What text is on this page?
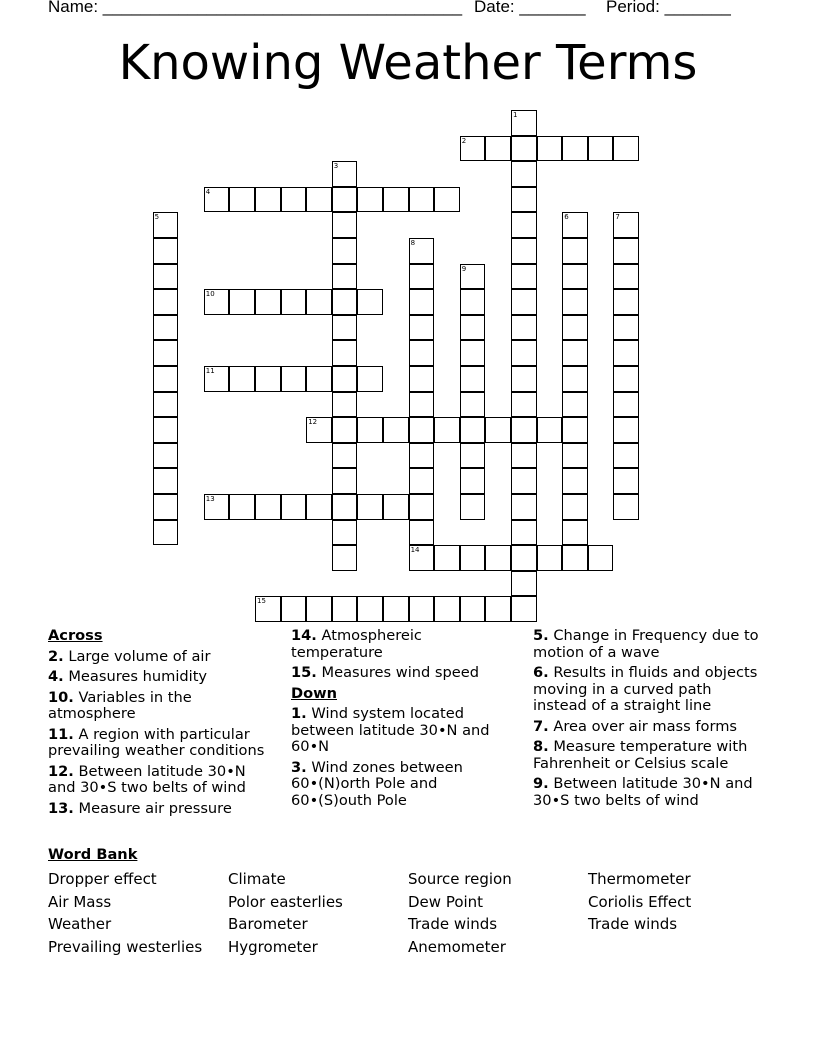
Name: ______________________________________ Date: _______ Period: _______
Knowing Weather Terms
1
2
3
4
5	6	7
8
9
10
11
12
13
14
15
Across
2. Large volume of air
4. Measures humidity
10. Variables in the atmosphere
11. A region with particular prevailing weather conditions
12. Between latitude 30•N and 30•S two belts of wind
13. Measure air pressure
14. Atmosphereic temperature
15. Measures wind speed
Down
1. Wind system located between latitude 30•N and 60•N
3. Wind zones between 60•(N)orth Pole and 60•(S)outh Pole
5. Change in Frequency due to motion of a wave
6. Results in fluids and objects moving in a curved path instead of a straight line
7. Area over air mass forms
8. Measure temperature with Fahrenheit or Celsius scale
9. Between latitude 30•N and 30•S two belts of wind
Word Bank
Dropper effect
Air Mass
Weather
Prevailing westerlies
Climate
Polor easterlies
Barometer
Hygrometer
Source region
Dew Point
Trade winds
Anemometer
Thermometer
Coriolis Effect
Trade winds
